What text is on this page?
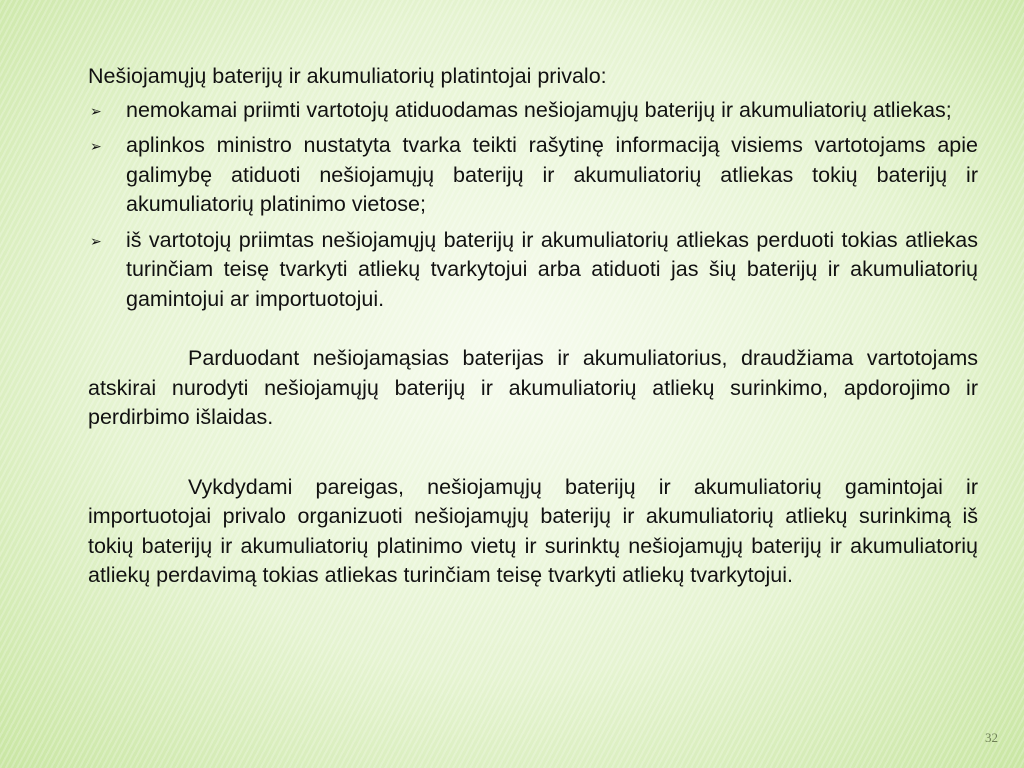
Nešiojamųjų baterijų ir akumuliatorių platintojai privalo:

➢ nemokamai priimti vartotojų atiduodamas nešiojamųjų baterijų ir akumuliatorių atliekas;
➢ aplinkos ministro nustatyta tvarka teikti rašytinę informaciją visiems vartotojams apie galimybę atiduoti nešiojamųjų baterijų ir akumuliatorių atliekas tokių baterijų ir akumuliatorių platinimo vietose;
➢ iš vartotojų priimtas nešiojamųjų baterijų ir akumuliatorių atliekas perduoti tokias atliekas turinčiam teisę tvarkyti atliekų tvarkytojui arba atiduoti jas šių baterijų ir akumuliatorių gamintojui ar importuotojui.

Parduodant nešiojamąsias baterijas ir akumuliatorius, draudžiama vartotojams atskirai nurodyti nešiojamųjų baterijų ir akumuliatorių atliekų surinkimo, apdorojimo ir perdirbimo išlaidas.

Vykdydami pareigas, nešiojamųjų baterijų ir akumuliatorių gamintojai ir importuotojai privalo organizuoti nešiojamųjų baterijų ir akumuliatorių atliekų surinkimą iš tokių baterijų ir akumuliatorių platinimo vietų ir surinktų nešiojamųjų baterijų ir akumuliatorių atliekų perdavimą tokias atliekas turinčiam teisę tvarkyti atliekų tvarkytojui.

32
